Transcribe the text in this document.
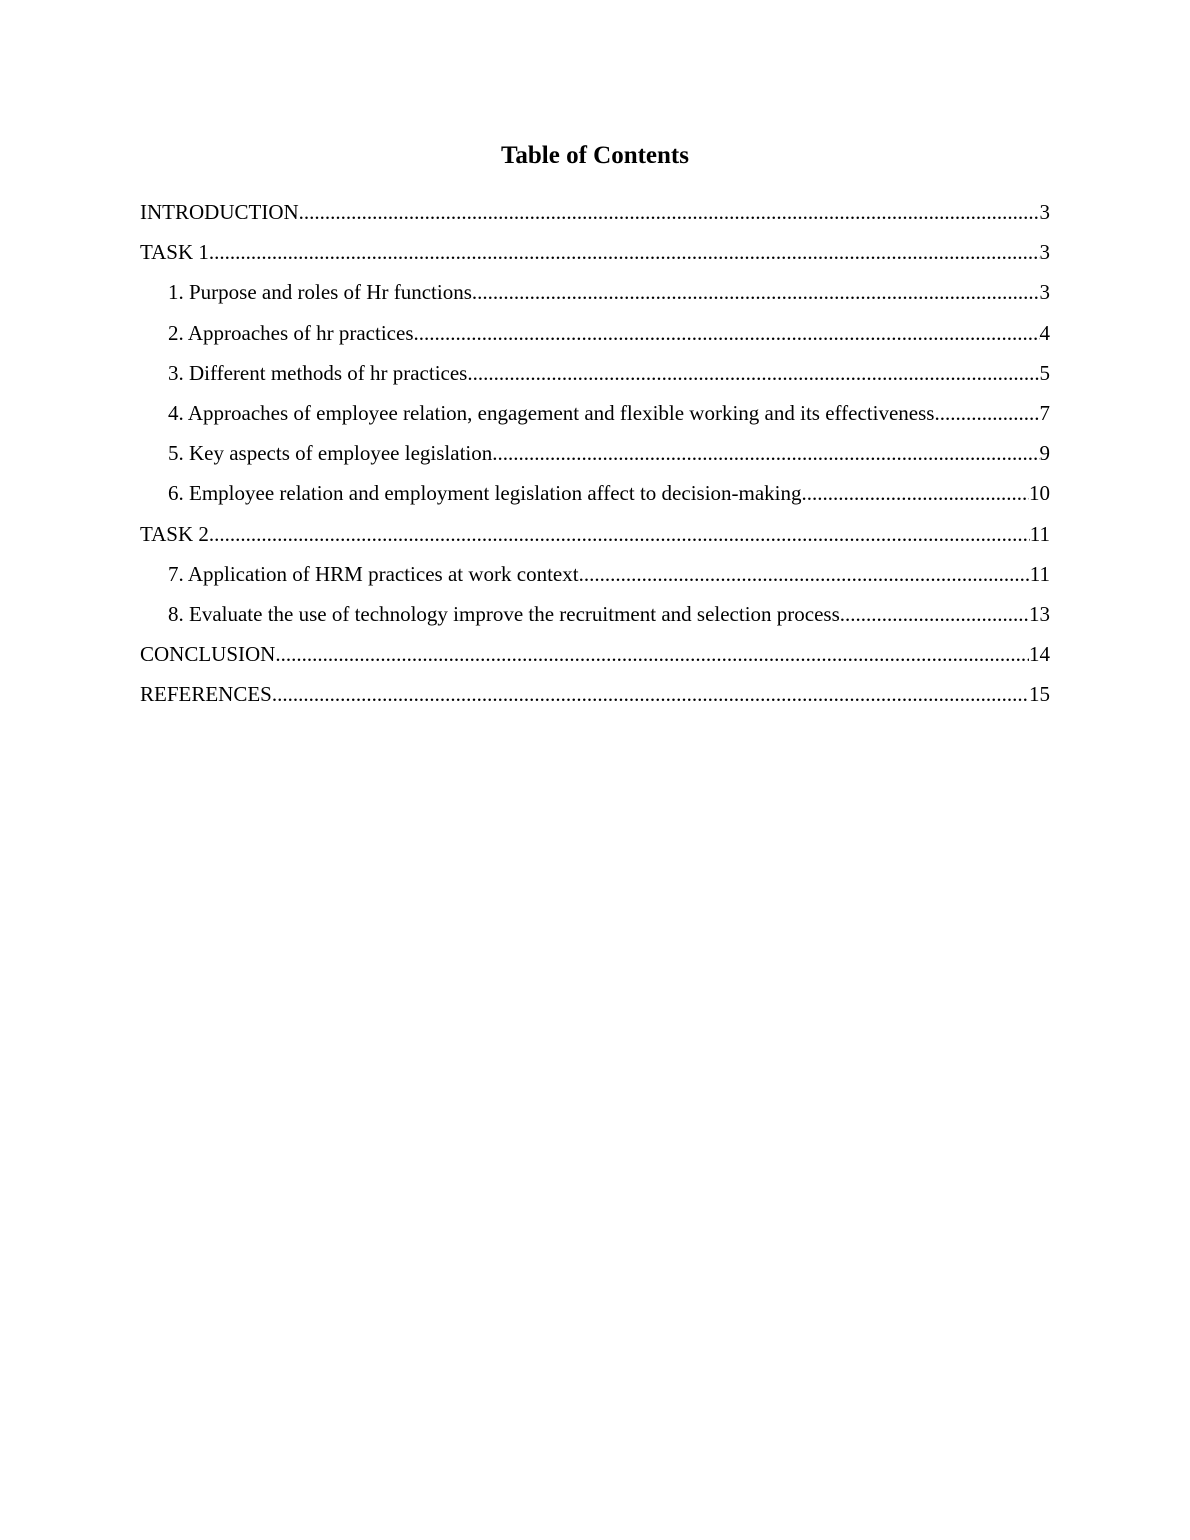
Table of Contents
INTRODUCTION .....	3
TASK 1 .....	3
1. Purpose and roles of Hr functions .....	3
2. Approaches of hr practices .....	4
3. Different methods of hr practices .....	5
4. Approaches of employee relation, engagement and flexible working and its effectiveness .....	7
5. Key aspects of employee legislation .....	9
6. Employee relation and employment legislation affect to decision-making .....	10
TASK 2 .....	11
7. Application of HRM practices at work context .....	11
8. Evaluate the use of technology improve the recruitment and selection process .....	13
CONCLUSION .....	14
REFERENCES .....	15
